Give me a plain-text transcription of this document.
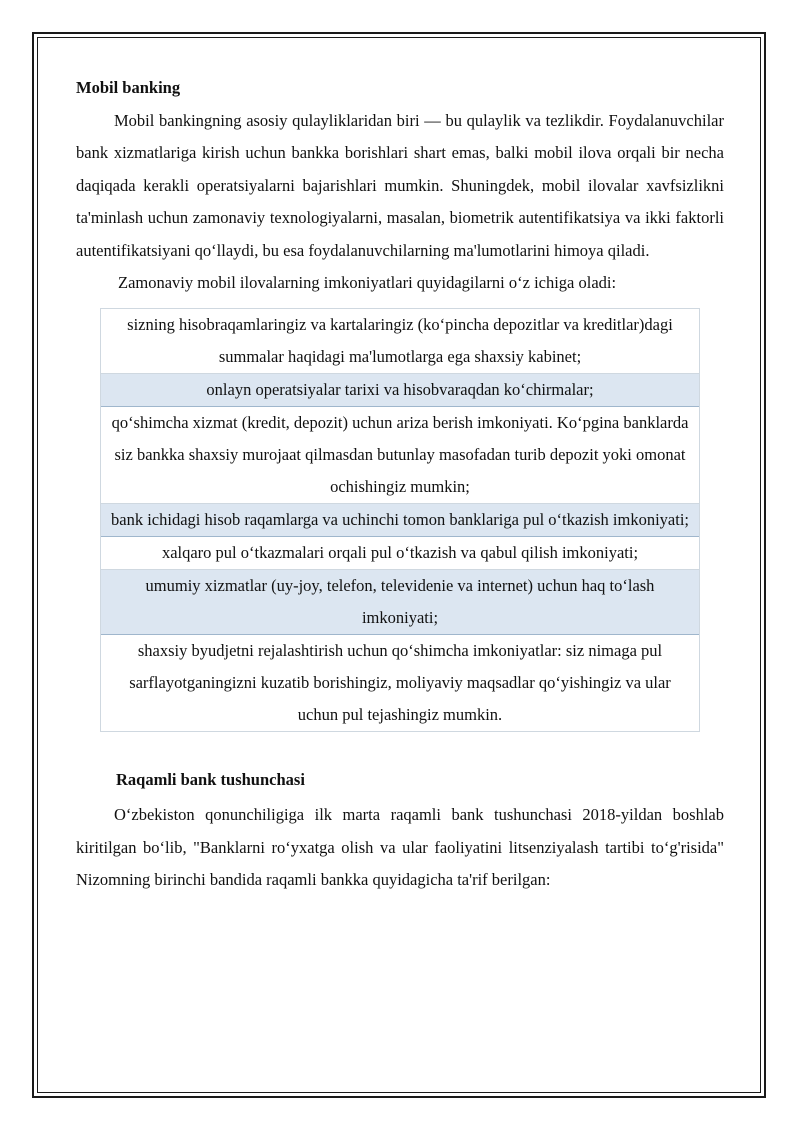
Mobil banking

Mobil bankingning asosiy qulayliklaridan biri — bu qulaylik va tezlikdir. Foydalanuvchilar bank xizmatlariga kirish uchun bankka borishlari shart emas, balki mobil ilova orqali bir necha daqiqada kerakli operatsiyalarni bajarishlari mumkin. Shuningdek, mobil ilovalar xavfsizlikni ta'minlash uchun zamonaviy texnologiyalarni, masalan, biometrik autentifikatsiya va ikki faktorli autentifikatsiyani qo‘llaydi, bu esa foydalanuvchilarning ma'lumotlarini himoya qiladi.

Zamonaviy mobil ilovalarning imkoniyatlari quyidagilarni o‘z ichiga oladi:

sizning hisobraqamlaringiz va kartalaringiz (ko‘pincha depozitlar va kreditlar)dagi summalar haqidagi ma'lumotlarga ega shaxsiy kabinet;
onlayn operatsiyalar tarixi va hisobvaraqdan ko‘chirmalar;
qo‘shimcha xizmat (kredit, depozit) uchun ariza berish imkoniyati. Ko‘pgina banklarda siz bankka shaxsiy murojaat qilmasdan butunlay masofadan turib depozit yoki omonat ochishingiz mumkin;
bank ichidagi hisob raqamlarga va uchinchi tomon banklariga pul o‘tkazish imkoniyati;
xalqaro pul o‘tkazmalari orqali pul o‘tkazish va qabul qilish imkoniyati;
umumiy xizmatlar (uy-joy, telefon, televidenie va internet) uchun haq to‘lash imkoniyati;
shaxsiy byudjetni rejalashtirish uchun qo‘shimcha imkoniyatlar: siz nimaga pul sarflayotganingizni kuzatib borishingiz, moliyaviy maqsadlar qo‘yishingiz va ular uchun pul tejashingiz mumkin.
Raqamli bank tushunchasi

O‘zbekiston qonunchiligiga ilk marta raqamli bank tushunchasi 2018-yildan boshlab kiritilgan bo‘lib, "Banklarni ro‘yxatga olish va ular faoliyatini litsenziyalash tartibi to‘g'risida" Nizomning birinchi bandida raqamli bankka quyidagicha ta'rif berilgan:
